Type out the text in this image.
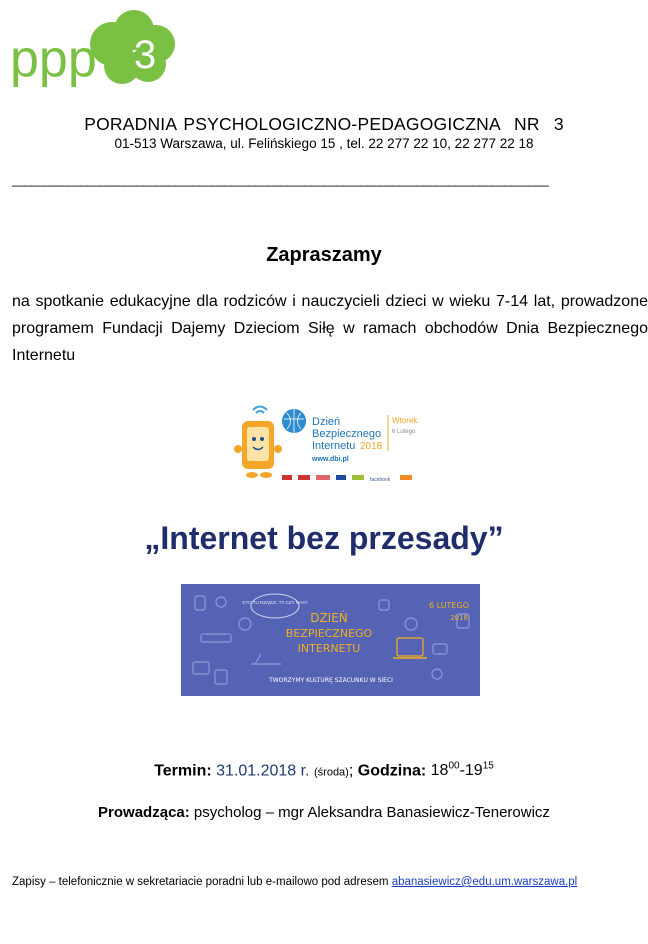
ppp 3
PORADNIA PSYCHOLOGICZNO-PEDAGOGICZNA  NR  3
01-513 Warszawa, ul. Felińskiego 15 , tel. 22 277 22 10, 22 277 22 18
______________________________________________________________________________________
Zapraszamy
na spotkanie edukacyjne dla rodziców i nauczycieli dzieci w wieku 7-14 lat, prowadzone programem Fundacji Dajemy Dzieciom Siłę w ramach obchodów Dnia Bezpiecznego Internetu
Dzień
Bezpiecznego
Internetu 2018
www.dbi.pl
Wtorek
6 Lutego
facebook
„Internet bez przesady”
KTO TU RZĄDZI, TY CZY NAS?
DZIEŃ
BEZPIECZNEGO
INTERNETU
6 LUTEGO
2018
TWORZYMY KULTURĘ SZACUNKU W SIECI
Termin: 31.01.2018 r. (środa); Godzina: $18^{00}-19^{15}$
Prowadząca: psycholog – mgr Aleksandra Banasiewicz-Tenerowicz
Zapisy – telefonicznie w sekretariacie poradni lub e-mailowo pod adresem abanasiewicz@edu.um.warszawa.pl
